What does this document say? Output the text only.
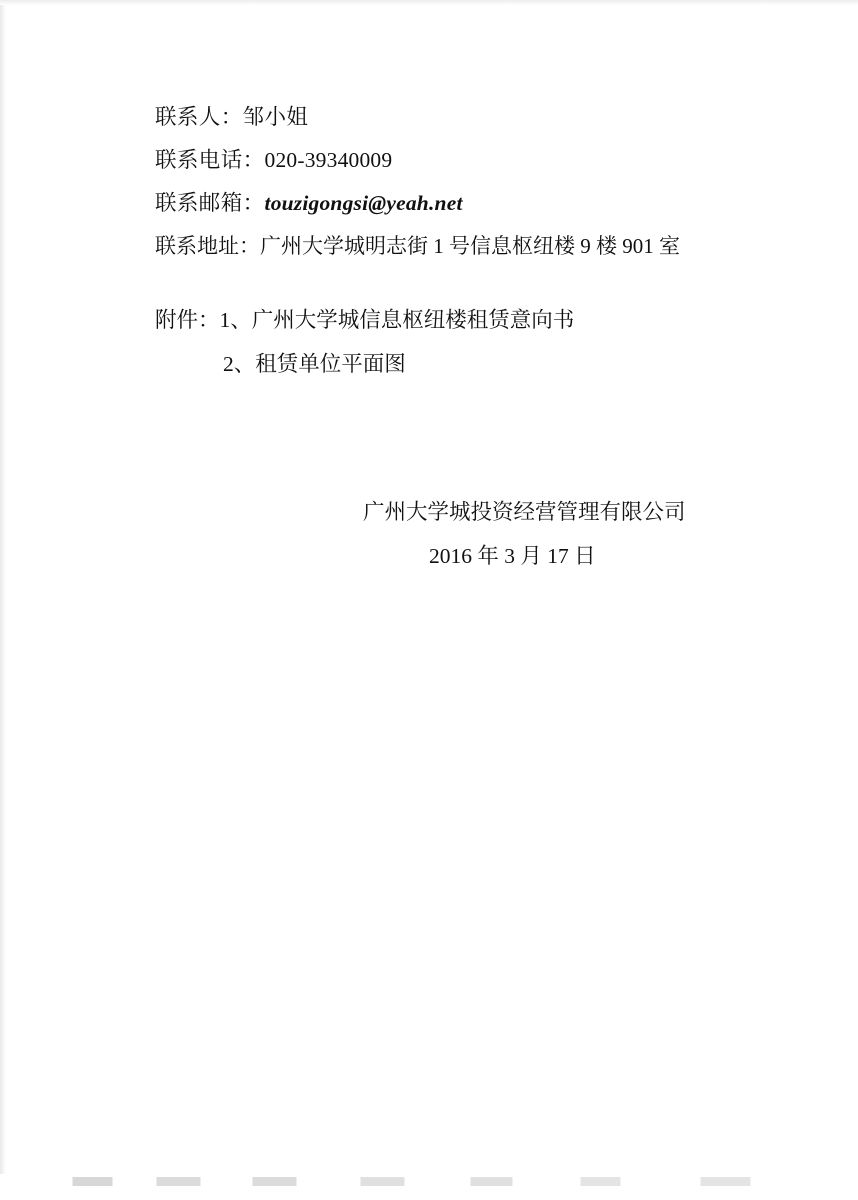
联系人：邹小姐
联系电话：020-39340009
联系邮箱：touzigongsi@yeah.net
联系地址：广州大学城明志街 1 号信息枢纽楼 9 楼 901 室
附件：1、广州大学城信息枢纽楼租赁意向书
2、租赁单位平面图
广州大学城投资经营管理有限公司
2016 年 3 月 17 日
